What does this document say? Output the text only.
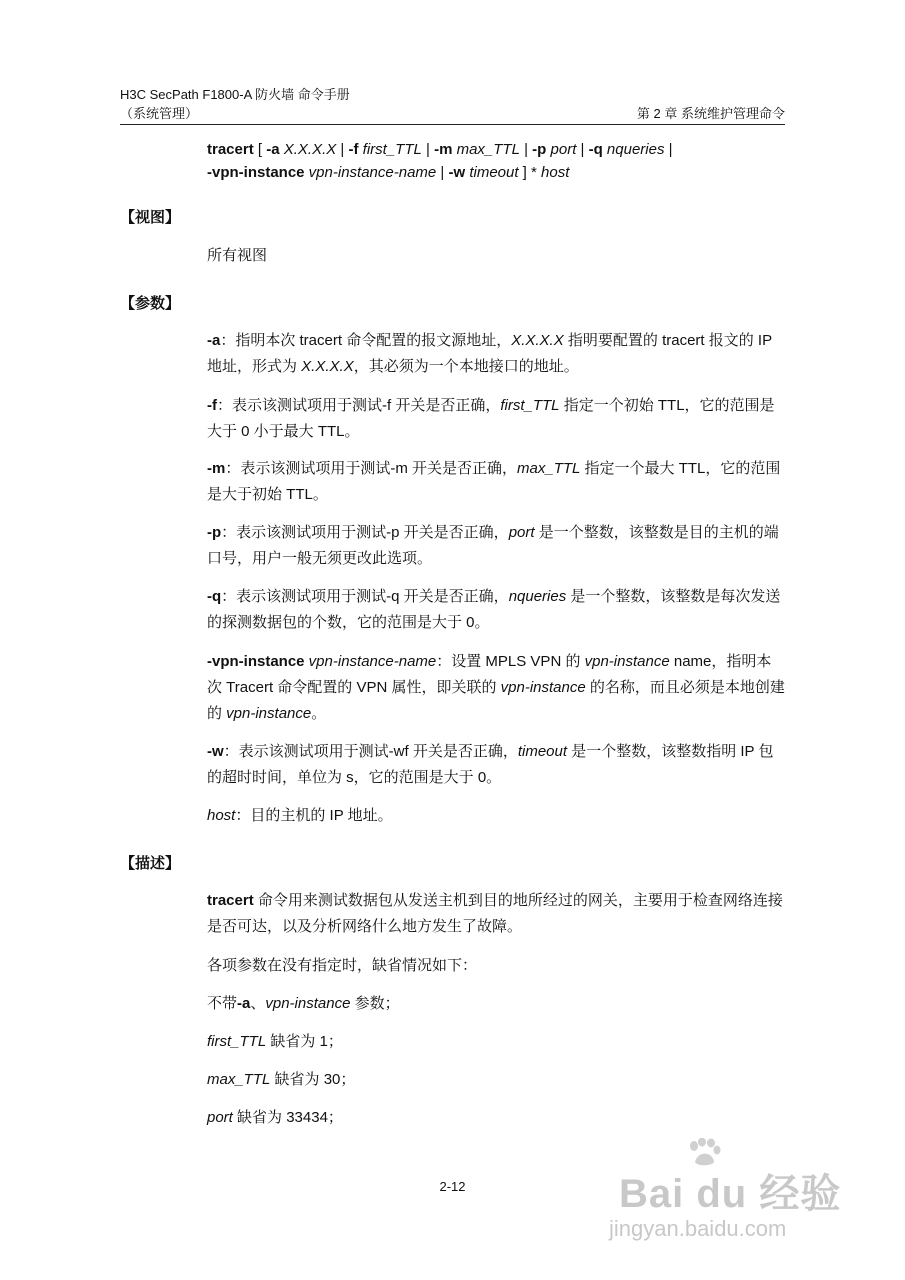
H3C SecPath F1800-A 防火墙 命令手册
（系统管理）	第 2 章 系统维护管理命令
tracert [ -a X.X.X.X | -f first_TTL | -m max_TTL | -p port | -q nqueries |
-vpn-instance vpn-instance-name | -w timeout ] * host
【视图】
所有视图
【参数】
-a：指明本次 tracert 命令配置的报文源地址，X.X.X.X 指明要配置的 tracert 报文的 IP 地址，形式为 X.X.X.X，其必须为一个本地接口的地址。
-f：表示该测试项用于测试-f 开关是否正确，first_TTL 指定一个初始 TTL，它的范围是大于 0 小于最大 TTL。
-m：表示该测试项用于测试-m 开关是否正确，max_TTL 指定一个最大 TTL，它的范围是大于初始 TTL。
-p：表示该测试项用于测试-p 开关是否正确，port 是一个整数，该整数是目的主机的端口号，用户一般无须更改此选项。
-q：表示该测试项用于测试-q 开关是否正确，nqueries 是一个整数，该整数是每次发送的探测数据包的个数，它的范围是大于 0。
-vpn-instance vpn-instance-name：设置 MPLS VPN 的 vpn-instance name，指明本次 Tracert 命令配置的 VPN 属性，即关联的 vpn-instance 的名称，而且必须是本地创建的 vpn-instance。
-w：表示该测试项用于测试-wf 开关是否正确，timeout 是一个整数，该整数指明 IP 包的超时时间，单位为 s，它的范围是大于 0。
host：目的主机的 IP 地址。
【描述】
tracert 命令用来测试数据包从发送主机到目的地所经过的网关，主要用于检查网络连接是否可达，以及分析网络什么地方发生了故障。
各项参数在没有指定时，缺省情况如下：
不带-a、vpn-instance 参数；
first_TTL 缺省为 1；
max_TTL 缺省为 30；
port 缺省为 33434；
2-12	Bai du 经验
jingyan.baidu.com
